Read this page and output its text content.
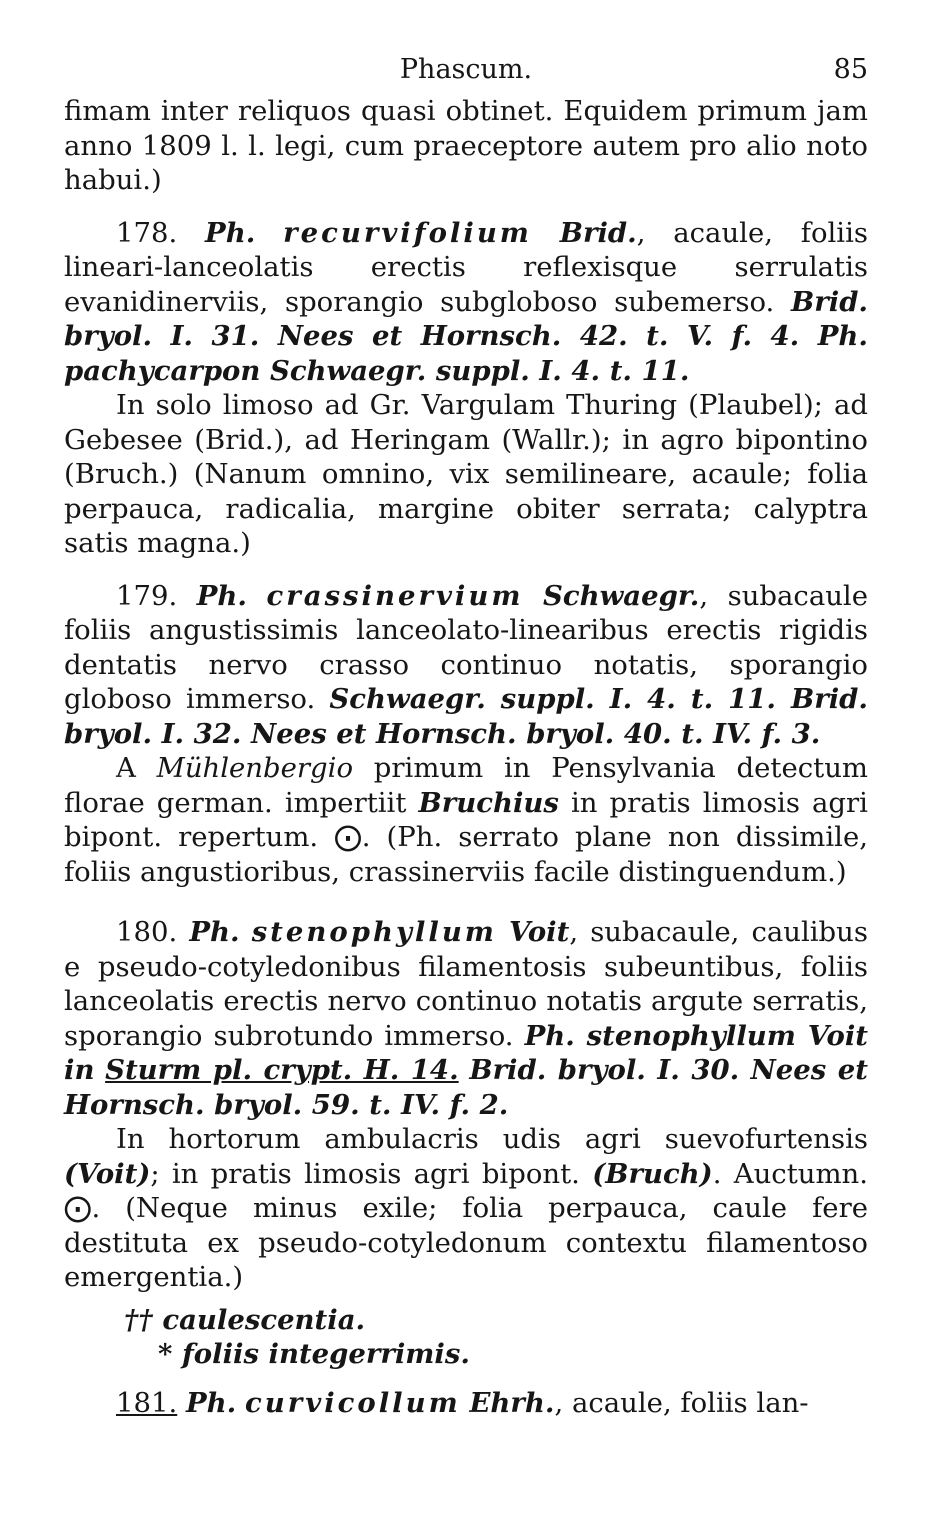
Phascum.	85

fimam inter reliquos quasi obtinet. Equidem primum jam anno 1809 l. l. legi, cum praeceptore autem pro alio noto habui.)

178. Ph. recurvifolium Brid., acaule, foliis lineari-lanceolatis erectis reflexisque serrulatis evanidinerviis, sporangio subgloboso subemerso. Brid. bryol. I. 31. Nees et Hornsch. 42. t. V. f. 4. Ph. pachycarpon Schwaegr. suppl. I. 4. t. 11.

In solo limoso ad Gr. Vargulam Thuring (Plaubel); ad Gebesee (Brid.), ad Heringam (Wallr.); in agro bipontino (Bruch.) (Nanum omnino, vix semilineare, acaule; folia perpauca, radicalia, margine obiter serrata; calyptra satis magna.)

179. Ph. crassinervium Schwaegr., subacaule foliis angustissimis lanceolato-linearibus erectis rigidis dentatis nervo crasso continuo notatis, sporangio globoso immerso. Schwaegr. suppl. I. 4. t. 11. Brid. bryol. I. 32. Nees et Hornsch. bryol. 40. t. IV. f. 3.

A Mühlenbergio primum in Pensylvania detectum florae german. impertiit Bruchius in pratis limosis agri bipont. repertum. ⨀. (Ph. serrato plane non dissimile, foliis angustioribus, crassinerviis facile distinguendum.)

180. Ph. stenophyllum Voit, subacaule, caulibus e pseudo-cotyledonibus filamentosis subeuntibus, foliis lanceolatis erectis nervo continuo notatis argute serratis, sporangio subrotundo immerso. Ph. stenophyllum Voit in Sturm pl. crypt. H. 14. Brid. bryol. I. 30. Nees et Hornsch. bryol. 59. t. IV. f. 2.

In hortorum ambulacris udis agri suevofurtensis (Voit); in pratis limosis agri bipont. (Bruch). Auctumn. ⨀. (Neque minus exile; folia perpauca, caule fere destituta ex pseudo-cotyledonum contextu filamentoso emergentia.)

†† caulescentia.
* foliis integerrimis.

181. Ph. curvicollum Ehrh., acaule, foliis lan-
